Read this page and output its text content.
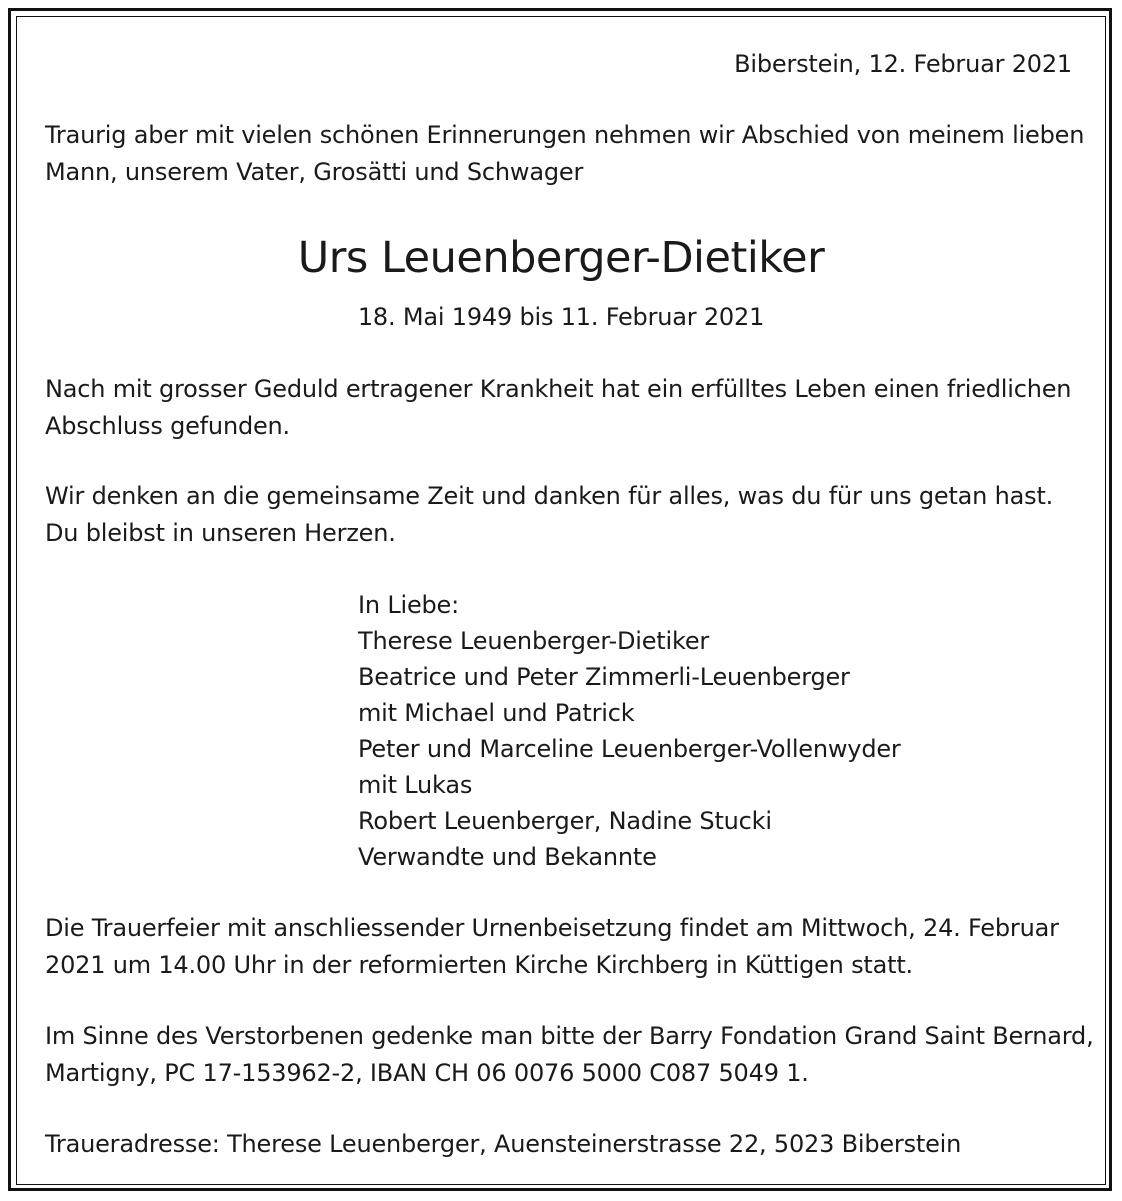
Biberstein, 12. Februar 2021
Traurig aber mit vielen schönen Erinnerungen nehmen wir Abschied von meinem lieben
Mann, unserem Vater, Grosätti und Schwager
Urs Leuenberger-Dietiker
18. Mai 1949 bis 11. Februar 2021
Nach mit grosser Geduld ertragener Krankheit hat ein erfülltes Leben einen friedlichen
Abschluss gefunden.
Wir denken an die gemeinsame Zeit und danken für alles, was du für uns getan hast.
Du bleibst in unseren Herzen.
In Liebe:
Therese Leuenberger-Dietiker
Beatrice und Peter Zimmerli-Leuenberger
mit Michael und Patrick
Peter und Marceline Leuenberger-Vollenwyder
mit Lukas
Robert Leuenberger, Nadine Stucki
Verwandte und Bekannte
Die Trauerfeier mit anschliessender Urnenbeisetzung findet am Mittwoch, 24. Februar
2021 um 14.00 Uhr in der reformierten Kirche Kirchberg in Küttigen statt.
Im Sinne des Verstorbenen gedenke man bitte der Barry Fondation Grand Saint Bernard,
Martigny, PC 17-153962-2, IBAN CH 06 0076 5000 C087 5049 1.
Traueradresse: Therese Leuenberger, Auensteinerstrasse 22, 5023 Biberstein
